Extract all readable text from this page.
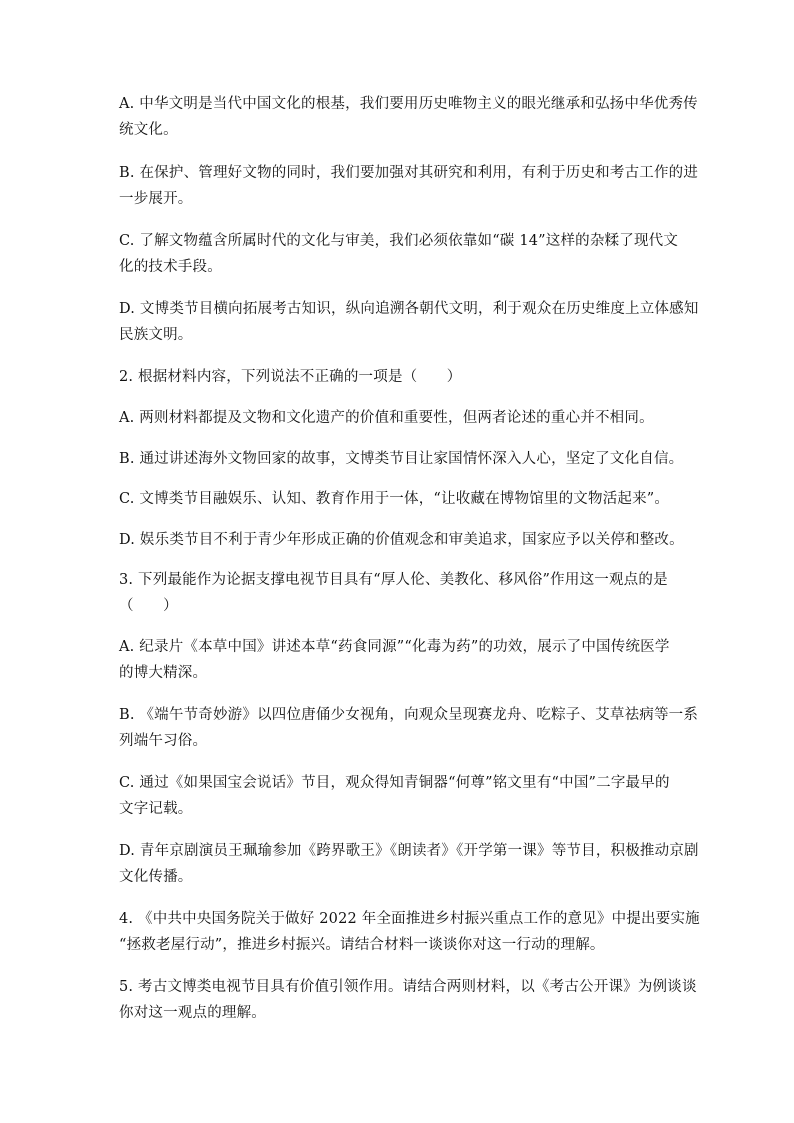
A. 中华文明是当代中国文化的根基，我们要用历史唯物主义的眼光继承和弘扬中华优秀传
统文化。
B. 在保护、管理好文物的同时，我们要加强对其研究和利用，有利于历史和考古工作的进
一步展开。
C. 了解文物蕴含所属时代的文化与审美，我们必须依靠如“碳 14”这样的杂糅了现代文
化的技术手段。
D. 文博类节目横向拓展考古知识，纵向追溯各朝代文明，利于观众在历史维度上立体感知
民族文明。
2. 根据材料内容，下列说法不正确的一项是（　　）
A. 两则材料都提及文物和文化遗产的价值和重要性，但两者论述的重心并不相同。
B. 通过讲述海外文物回家的故事，文博类节目让家国情怀深入人心，坚定了文化自信。
C. 文博类节目融娱乐、认知、教育作用于一体，“让收藏在博物馆里的文物活起来”。
D. 娱乐类节目不利于青少年形成正确的价值观念和审美追求，国家应予以关停和整改。
3. 下列最能作为论据支撑电视节目具有“厚人伦、美教化、移风俗”作用这一观点的是
（　　）
A. 纪录片《本草中国》讲述本草“药食同源”“化毒为药”的功效，展示了中国传统医学
的博大精深。
B. 《端午节奇妙游》以四位唐俑少女视角，向观众呈现赛龙舟、吃粽子、艾草祛病等一系
列端午习俗。
C. 通过《如果国宝会说话》节目，观众得知青铜器“何尊”铭文里有“中国”二字最早的
文字记载。
D. 青年京剧演员王珮瑜参加《跨界歌王》《朗读者》《开学第一课》等节目，积极推动京剧
文化传播。
4. 《中共中央国务院关于做好 2022 年全面推进乡村振兴重点工作的意见》中提出要实施
“拯救老屋行动”，推进乡村振兴。请结合材料一谈谈你对这一行动的理解。
5. 考古文博类电视节目具有价值引领作用。请结合两则材料，以《考古公开课》为例谈谈
你对这一观点的理解。
